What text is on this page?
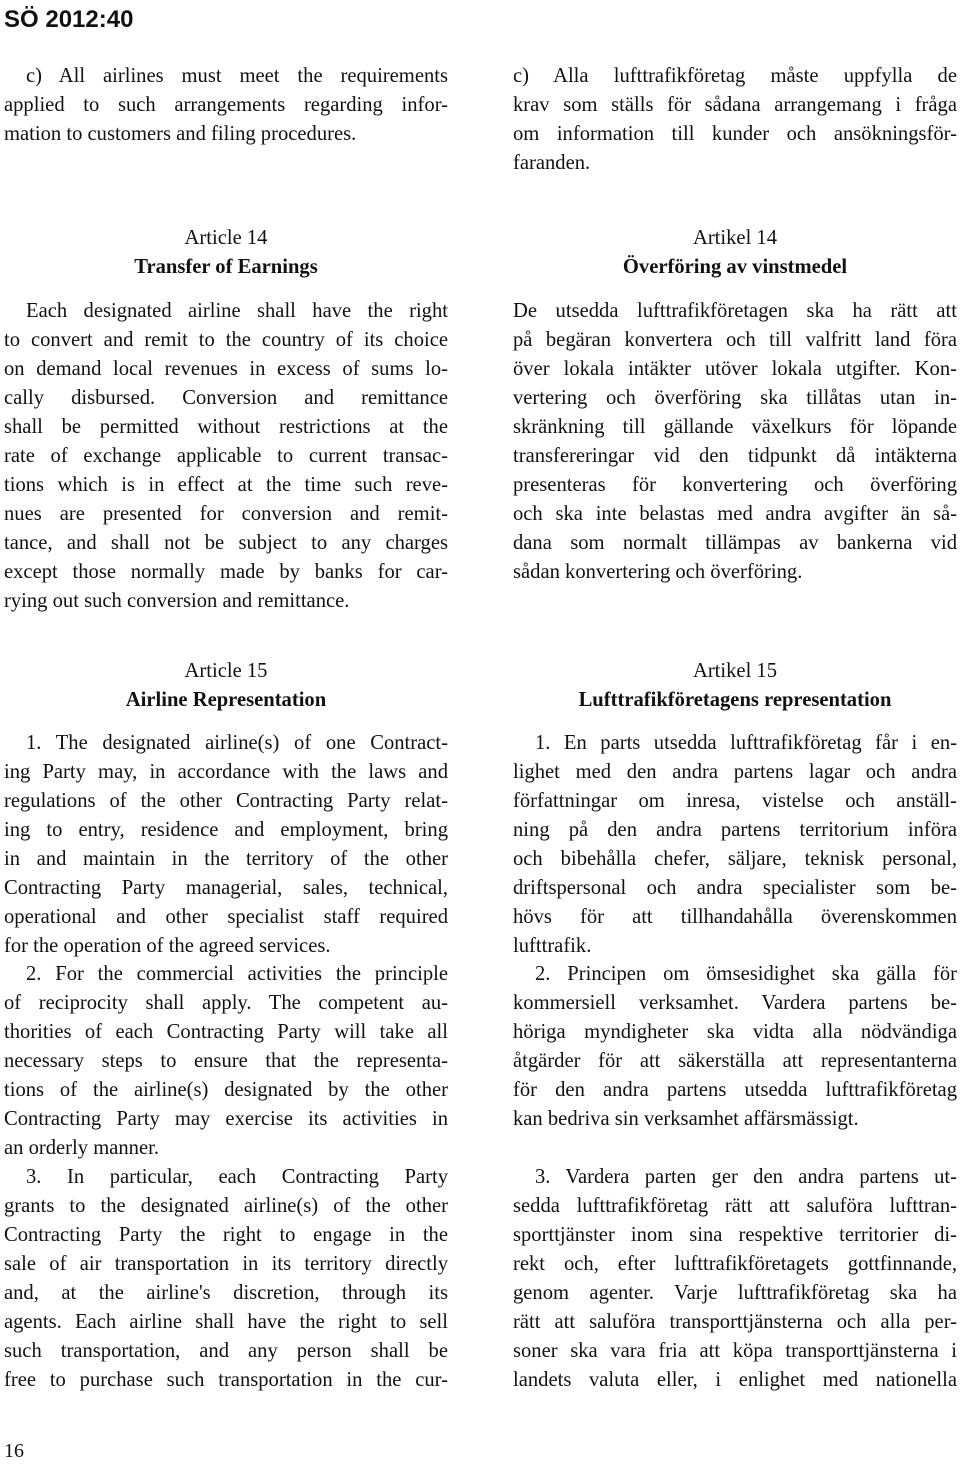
SÖ 2012:40
c) All airlines must meet the requirements
applied to such arrangements regarding infor-
mation to customers and filing procedures.
Article 14
Transfer of Earnings
Each designated airline shall have the right
to convert and remit to the country of its choice
on demand local revenues in excess of sums lo-
cally disbursed. Conversion and remittance
shall be permitted without restrictions at the
rate of exchange applicable to current transac-
tions which is in effect at the time such reve-
nues are presented for conversion and remit-
tance, and shall not be subject to any charges
except those normally made by banks for car-
rying out such conversion and remittance.
Article 15
Airline Representation
1. The designated airline(s) of one Contract-
ing Party may, in accordance with the laws and
regulations of the other Contracting Party relat-
ing to entry, residence and employment, bring
in and maintain in the territory of the other
Contracting Party managerial, sales, technical,
operational and other specialist staff required
for the operation of the agreed services.
2. For the commercial activities the principle
of reciprocity shall apply. The competent au-
thorities of each Contracting Party will take all
necessary steps to ensure that the representa-
tions of the airline(s) designated by the other
Contracting Party may exercise its activities in
an orderly manner.
3. In particular, each Contracting Party
grants to the designated airline(s) of the other
Contracting Party the right to engage in the
sale of air transportation in its territory directly
and, at the airline's discretion, through its
agents. Each airline shall have the right to sell
such transportation, and any person shall be
free to purchase such transportation in the cur-
c) Alla lufttrafikföretag måste uppfylla de
krav som ställs för sådana arrangemang i fråga
om information till kunder och ansökningsför-
faranden.
Artikel 14
Överföring av vinstmedel
De utsedda lufttrafikföretagen ska ha rätt att
på begäran konvertera och till valfritt land föra
över lokala intäkter utöver lokala utgifter. Kon-
vertering och överföring ska tillåtas utan in-
skränkning till gällande växelkurs för löpande
transfereringar vid den tidpunkt då intäkterna
presenteras för konvertering och överföring
och ska inte belastas med andra avgifter än så-
dana som normalt tillämpas av bankerna vid
sådan konvertering och överföring.
Artikel 15
Lufttrafikföretagens representation
1. En parts utsedda lufttrafikföretag får i en-
lighet med den andra partens lagar och andra
författningar om inresa, vistelse och anställ-
ning på den andra partens territorium införa
och bibehålla chefer, säljare, teknisk personal,
driftspersonal och andra specialister som be-
hövs för att tillhandahålla överenskommen
lufttrafik.
2. Principen om ömsesidighet ska gälla för
kommersiell verksamhet. Vardera partens be-
höriga myndigheter ska vidta alla nödvändiga
åtgärder för att säkerställa att representanterna
för den andra partens utsedda lufttrafikföretag
kan bedriva sin verksamhet affärsmässigt.
3. Vardera parten ger den andra partens ut-
sedda lufttrafikföretag rätt att saluföra lufttran-
sporttjänster inom sina respektive territorier di-
rekt och, efter lufttrafikföretagets gottfinnande,
genom agenter. Varje lufttrafikföretag ska ha
rätt att saluföra transporttjänsterna och alla per-
soner ska vara fria att köpa transporttjänsterna i
landets valuta eller, i enlighet med nationella
16
